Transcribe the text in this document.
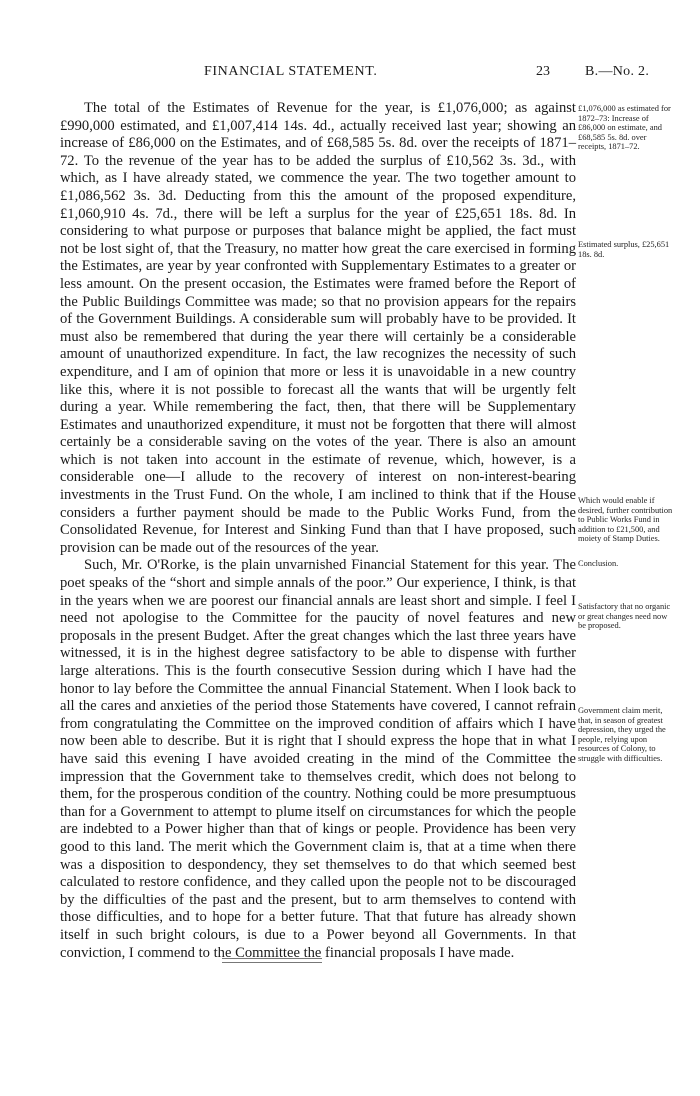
FINANCIAL STATEMENT.	23	B.—No. 2.

The total of the Estimates of Revenue for the year, is £1,076,000; as against £990,000 estimated, and £1,007,414 14s. 4d., actually received last year; showing an increase of £86,000 on the Estimates, and of £68,585 5s. 8d. over the receipts of 1871–72. To the revenue of the year has to be added the surplus of £10,562 3s. 3d., with which, as I have already stated, we commence the year. The two together amount to £1,086,562 3s. 3d. Deducting from this the amount of the proposed expenditure, £1,060,910 4s. 7d., there will be left a surplus for the year of £25,651 18s. 8d. In considering to what purpose or purposes that balance might be applied, the fact must not be lost sight of, that the Treasury, no matter how great the care exercised in forming the Estimates, are year by year confronted with Supplementary Estimates to a greater or less amount. On the present occasion, the Estimates were framed before the Report of the Public Buildings Committee was made; so that no provision appears for the repairs of the Government Buildings. A considerable sum will probably have to be provided. It must also be remembered that during the year there will certainly be a considerable amount of unauthorized expenditure. In fact, the law recognizes the necessity of such expenditure, and I am of opinion that more or less it is unavoidable in a new country like this, where it is not possible to forecast all the wants that will be urgently felt during a year. While remembering the fact, then, that there will be Supplementary Estimates and unauthorized expenditure, it must not be forgotten that there will almost certainly be a considerable saving on the votes of the year. There is also an amount which is not taken into account in the estimate of revenue, which, however, is a considerable one—I allude to the recovery of interest on non-interest-bearing investments in the Trust Fund. On the whole, I am inclined to think that if the House considers a further payment should be made to the Public Works Fund, from the Consolidated Revenue, for Interest and Sinking Fund than that I have proposed, such provision can be made out of the resources of the year.

Such, Mr. O'Rorke, is the plain unvarnished Financial Statement for this year. The poet speaks of the “short and simple annals of the poor.” Our experience, I think, is that in the years when we are poorest our financial annals are least short and simple. I feel I need not apologise to the Committee for the paucity of novel features and new proposals in the present Budget. After the great changes which the last three years have witnessed, it is in the highest degree satisfactory to be able to dispense with further large alterations. This is the fourth consecutive Session during which I have had the honor to lay before the Committee the annual Financial Statement. When I look back to all the cares and anxieties of the period those Statements have covered, I cannot refrain from congratulating the Committee on the improved condition of affairs which I have now been able to describe. But it is right that I should express the hope that in what I have said this evening I have avoided creating in the mind of the Committee the impression that the Government take to themselves credit, which does not belong to them, for the prosperous condition of the country. Nothing could be more presumptuous than for a Government to attempt to plume itself on circumstances for which the people are indebted to a Power higher than that of kings or people. Providence has been very good to this land. The merit which the Government claim is, that at a time when there was a disposition to despondency, they set themselves to do that which seemed best calculated to restore confidence, and they called upon the people not to be discouraged by the difficulties of the past and the present, but to arm themselves to contend with those difficulties, and to hope for a better future. That that future has already shown itself in such bright colours, is due to a Power beyond all Governments. In that conviction, I commend to the Committee the financial proposals I have made.

£1,076,000 as estimated for 1872–73: Increase of £86,000 on estimate, and £68,585 5s. 8d. over receipts, 1871–72.
Estimated surplus, £25,651 18s. 8d.
Which would enable if desired, further contribution to Public Works Fund in addition to £21,500, and moiety of Stamp Duties.
Conclusion.
Satisfactory that no organic or great changes need now be proposed.
Government claim merit, that, in season of greatest depression, they urged the people, relying upon resources of Colony, to struggle with difficulties.
